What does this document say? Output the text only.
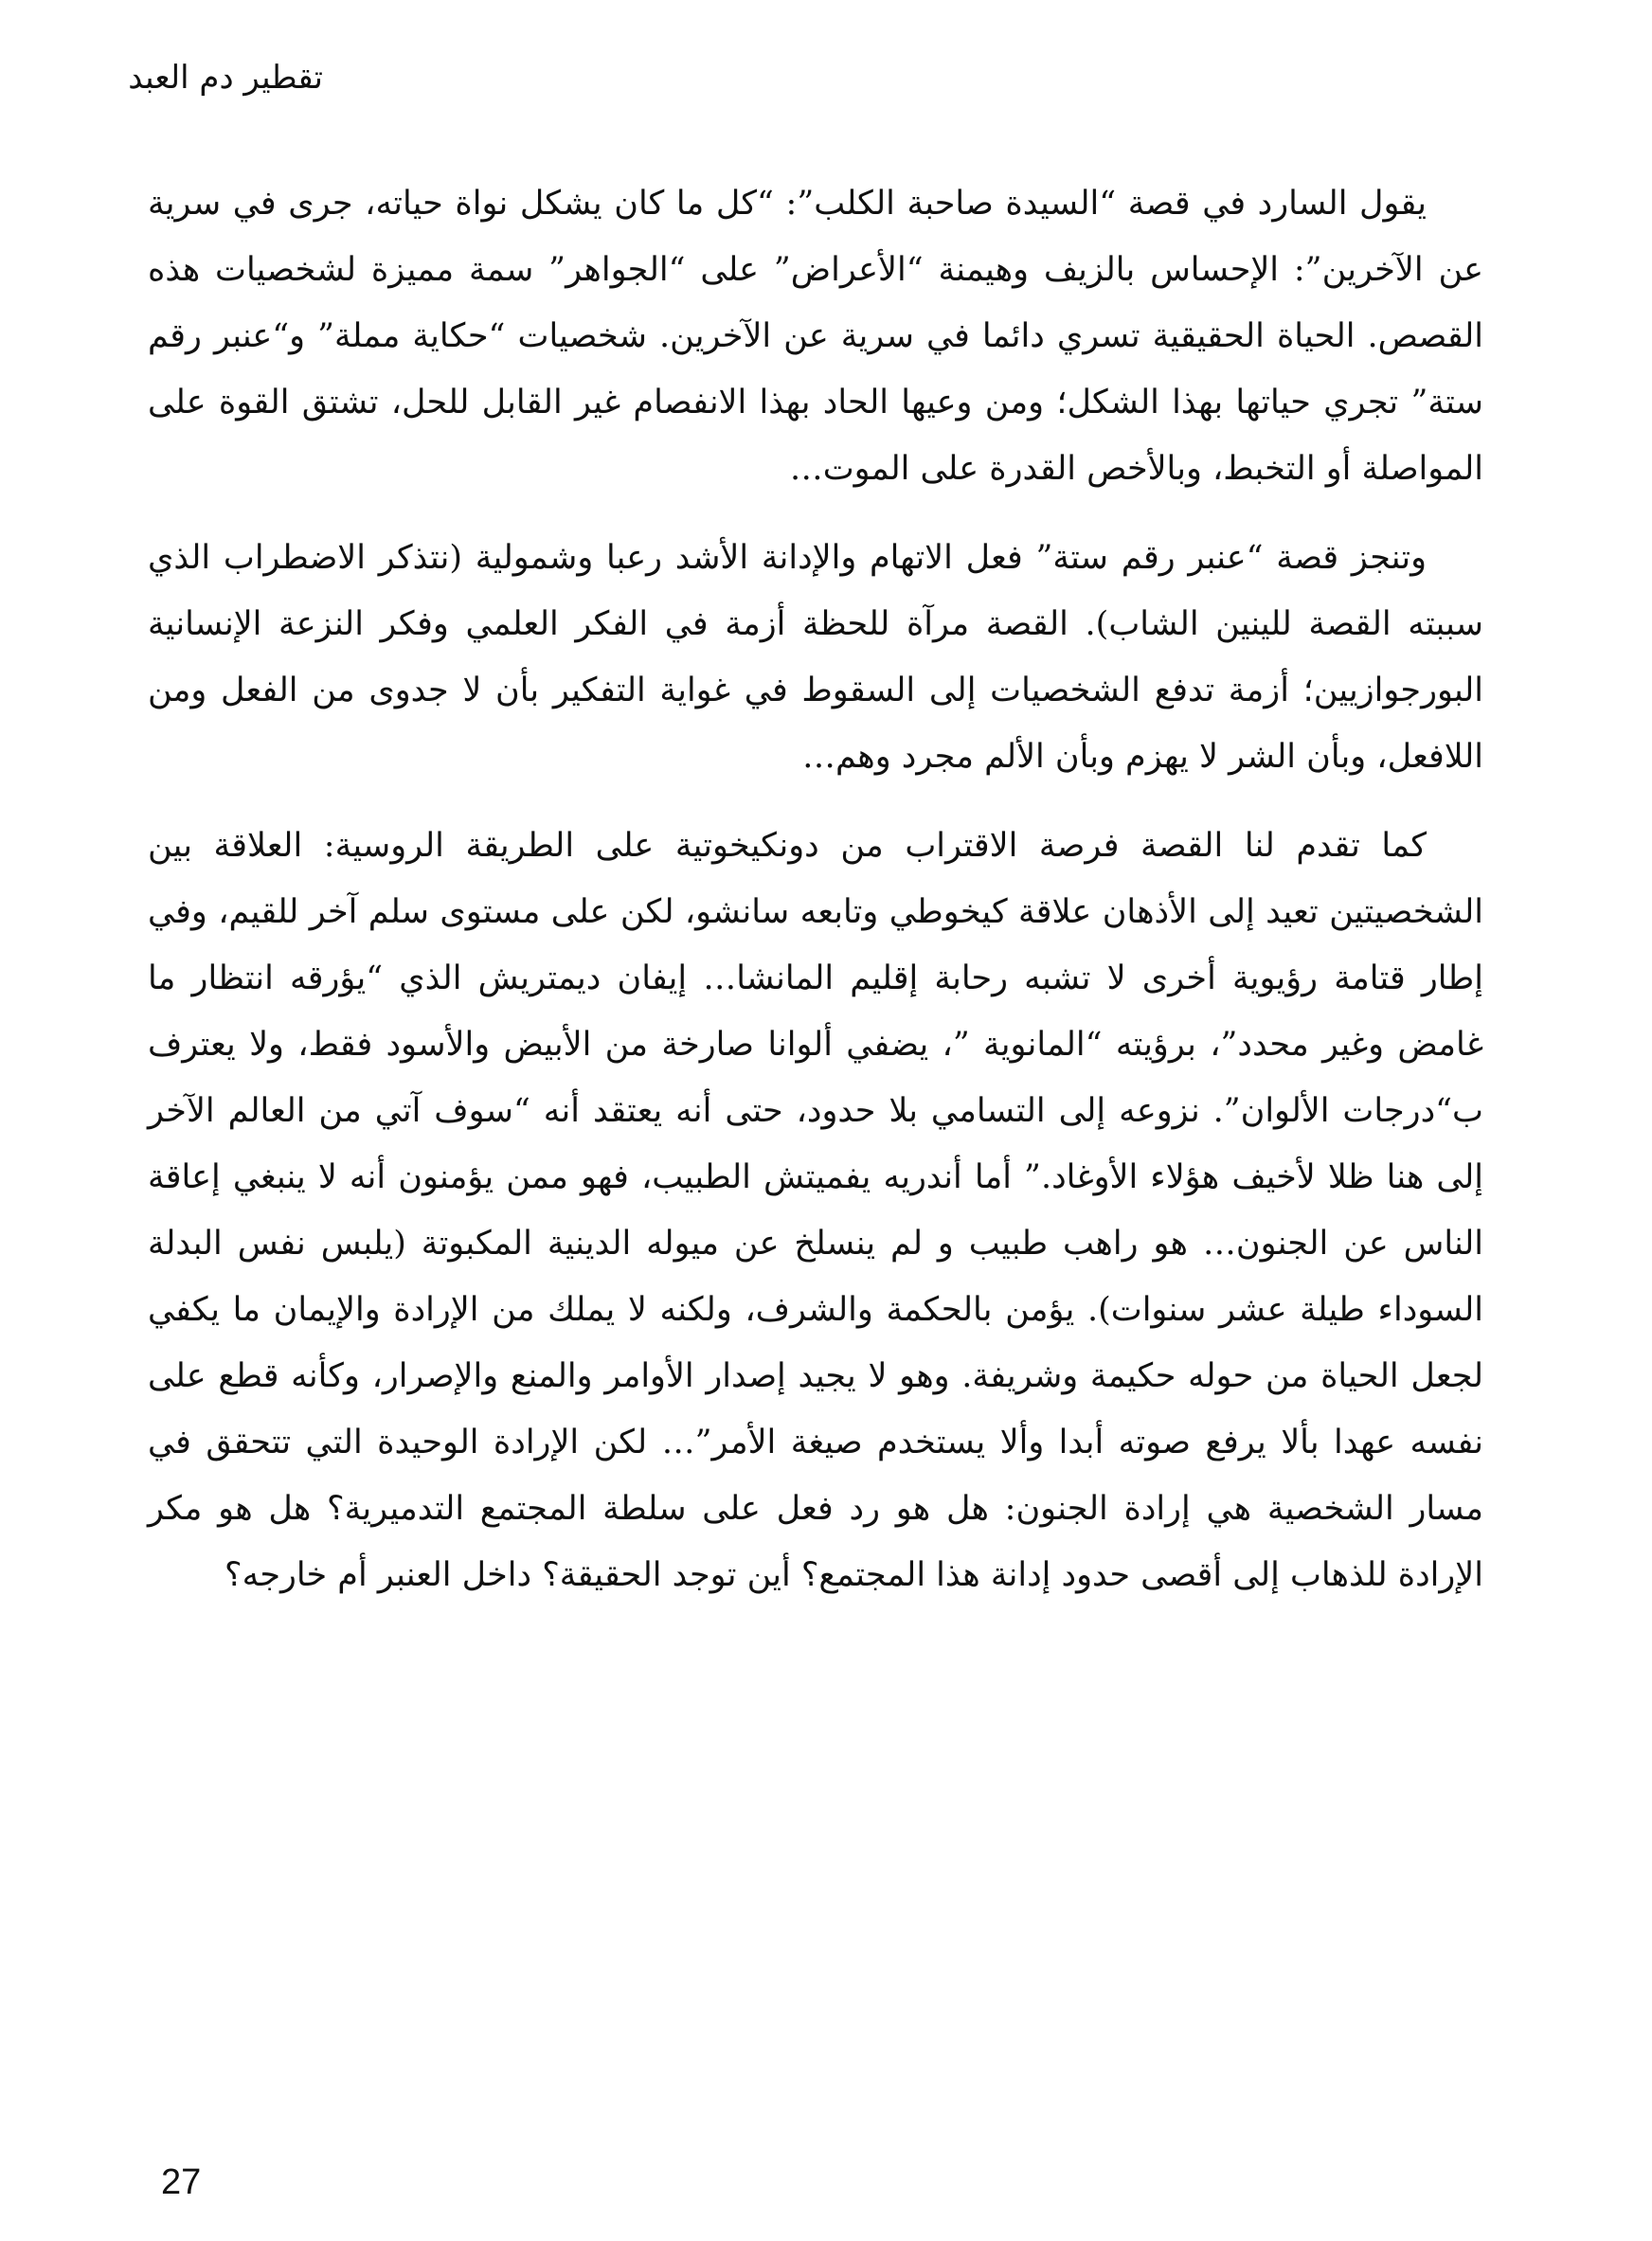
تقطير دم العبد

يقول السارد في قصة “السيدة صاحبة الكلب”: “كل ما كان يشكل نواة حياته، جرى في سرية عن الآخرين”: الإحساس بالزيف وهيمنة “الأعراض” على “الجواهر” سمة مميزة لشخصيات هذه القصص. الحياة الحقيقية تسري دائما في سرية عن الآخرين. شخصيات “حكاية مملة” و“عنبر رقم ستة” تجري حياتها بهذا الشكل؛ ومن وعيها الحاد بهذا الانفصام غير القابل للحل، تشتق القوة على المواصلة أو التخبط، وبالأخص القدرة على الموت…

وتنجز قصة “عنبر رقم ستة” فعل الاتهام والإدانة الأشد رعبا وشمولية (نتذكر الاضطراب الذي سببته القصة للينين الشاب). القصة مرآة للحظة أزمة في الفكر العلمي وفكر النزعة الإنسانية البورجوازيين؛ أزمة تدفع الشخصيات إلى السقوط في غواية التفكير بأن لا جدوى من الفعل ومن اللافعل، وبأن الشر لا يهزم وبأن الألم مجرد وهم…

كما تقدم لنا القصة فرصة الاقتراب من دونكيخوتية على الطريقة الروسية: العلاقة بين الشخصيتين تعيد إلى الأذهان علاقة كيخوطي وتابعه سانشو، لكن على مستوى سلم آخر للقيم، وفي إطار قتامة رؤيوية أخرى لا تشبه رحابة إقليم المانشا… إيفان ديمتريش الذي “يؤرقه انتظار ما غامض وغير محدد”، برؤيته “المانوية ”، يضفي ألوانا صارخة من الأبيض والأسود فقط، ولا يعترف ب“درجات الألوان”. نزوعه إلى التسامي بلا حدود، حتى أنه يعتقد أنه “سوف آتي من العالم الآخر إلى هنا ظلا لأخيف هؤلاء الأوغاد.” أما أندريه يفميتش الطبيب، فهو ممن يؤمنون أنه لا ينبغي إعاقة الناس عن الجنون… هو راهب طبيب و لم ينسلخ عن ميوله الدينية المكبوتة (يلبس نفس البدلة السوداء طيلة عشر سنوات). يؤمن بالحكمة والشرف، ولكنه لا يملك من الإرادة والإيمان ما يكفي لجعل الحياة من حوله حكيمة وشريفة. وهو لا يجيد إصدار الأوامر والمنع والإصرار، وكأنه قطع على نفسه عهدا بألا يرفع صوته أبدا وألا يستخدم صيغة الأمر”… لكن الإرادة الوحيدة التي تتحقق في مسار الشخصية هي إرادة الجنون: هل هو رد فعل على سلطة المجتمع التدميرية؟ هل هو مكر الإرادة للذهاب إلى أقصى حدود إدانة هذا المجتمع؟ أين توجد الحقيقة؟ داخل العنبر أم خارجه؟

27
